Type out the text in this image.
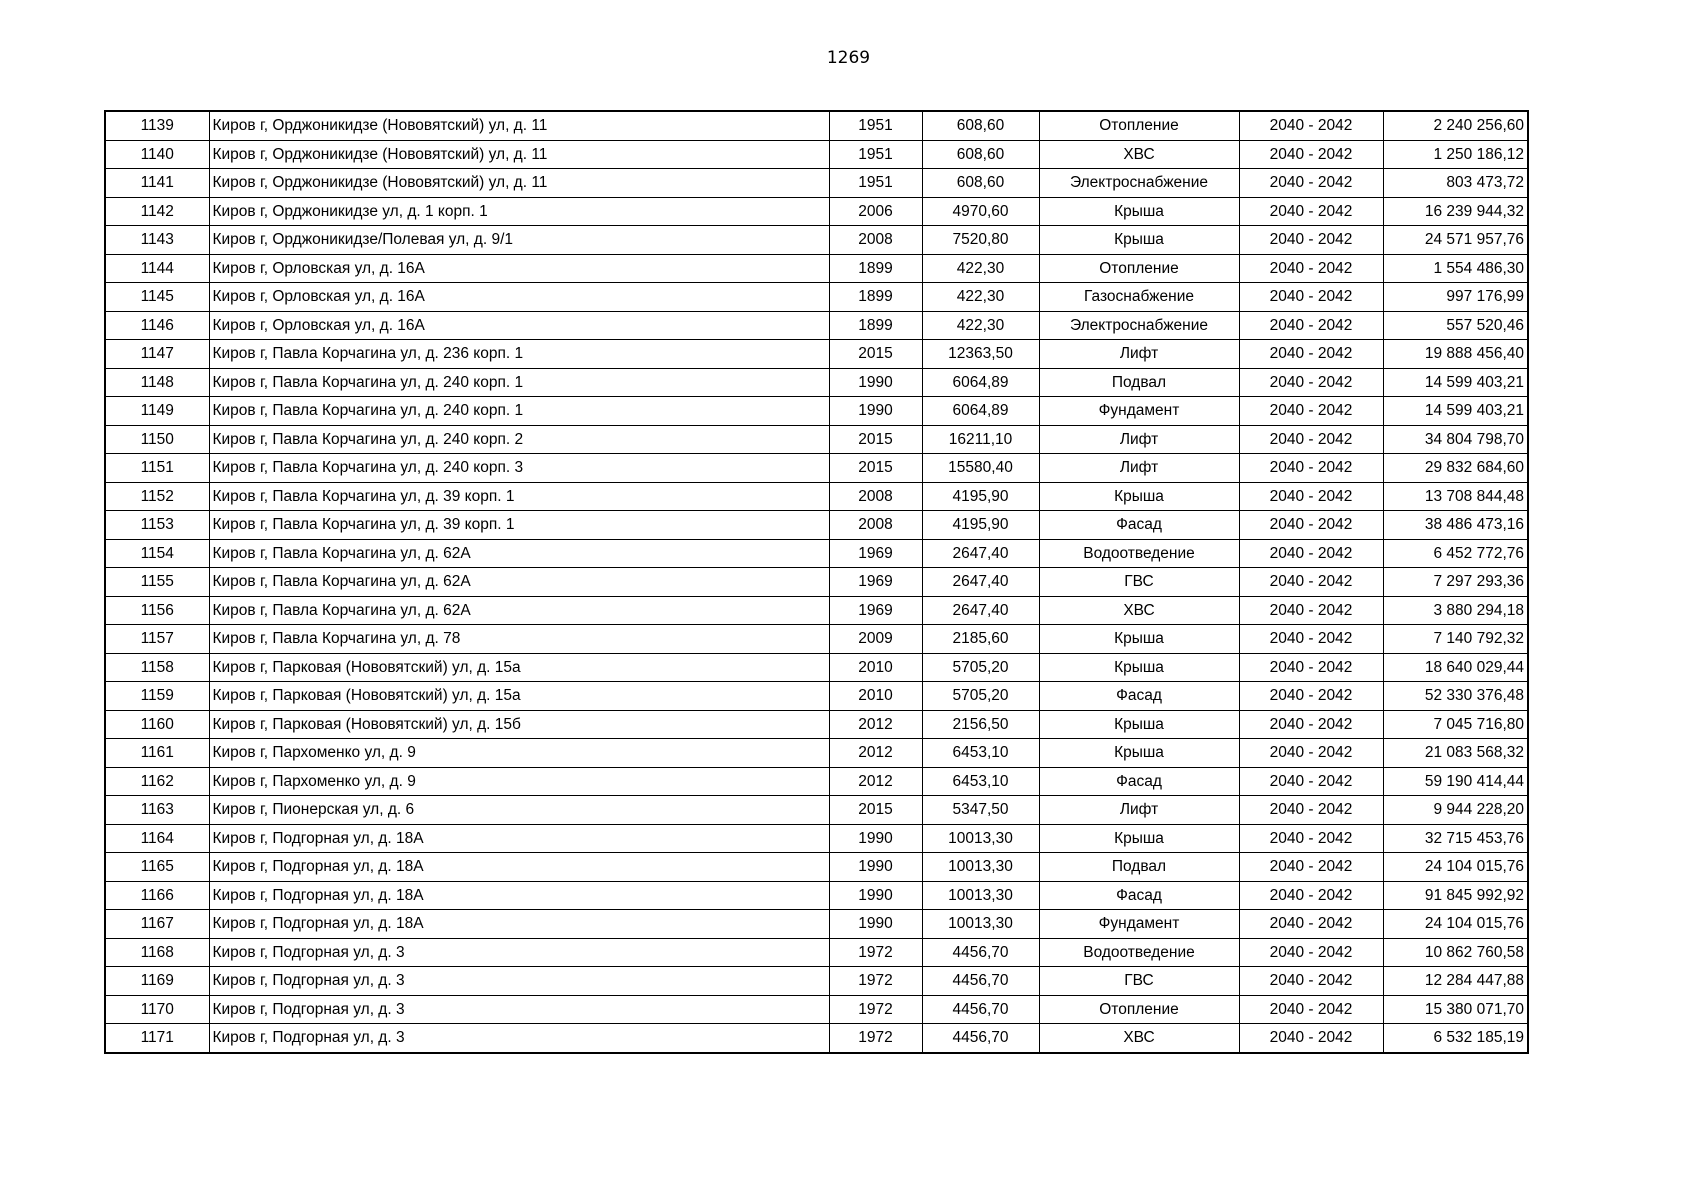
1269
1139	Киров г, Орджоникидзе (Нововятский) ул, д. 11	1951	608,60	Отопление	2040 - 2042	2 240 256,60
1140	Киров г, Орджоникидзе (Нововятский) ул, д. 11	1951	608,60	ХВС	2040 - 2042	1 250 186,12
1141	Киров г, Орджоникидзе (Нововятский) ул, д. 11	1951	608,60	Электроснабжение	2040 - 2042	803 473,72
1142	Киров г, Орджоникидзе ул, д. 1 корп. 1	2006	4970,60	Крыша	2040 - 2042	16 239 944,32
1143	Киров г, Орджоникидзе/Полевая ул, д. 9/1	2008	7520,80	Крыша	2040 - 2042	24 571 957,76
1144	Киров г, Орловская ул, д. 16А	1899	422,30	Отопление	2040 - 2042	1 554 486,30
1145	Киров г, Орловская ул, д. 16А	1899	422,30	Газоснабжение	2040 - 2042	997 176,99
1146	Киров г, Орловская ул, д. 16А	1899	422,30	Электроснабжение	2040 - 2042	557 520,46
1147	Киров г, Павла Корчагина ул, д. 236 корп. 1	2015	12363,50	Лифт	2040 - 2042	19 888 456,40
1148	Киров г, Павла Корчагина ул, д. 240 корп. 1	1990	6064,89	Подвал	2040 - 2042	14 599 403,21
1149	Киров г, Павла Корчагина ул, д. 240 корп. 1	1990	6064,89	Фундамент	2040 - 2042	14 599 403,21
1150	Киров г, Павла Корчагина ул, д. 240 корп. 2	2015	16211,10	Лифт	2040 - 2042	34 804 798,70
1151	Киров г, Павла Корчагина ул, д. 240 корп. 3	2015	15580,40	Лифт	2040 - 2042	29 832 684,60
1152	Киров г, Павла Корчагина ул, д. 39 корп. 1	2008	4195,90	Крыша	2040 - 2042	13 708 844,48
1153	Киров г, Павла Корчагина ул, д. 39 корп. 1	2008	4195,90	Фасад	2040 - 2042	38 486 473,16
1154	Киров г, Павла Корчагина ул, д. 62А	1969	2647,40	Водоотведение	2040 - 2042	6 452 772,76
1155	Киров г, Павла Корчагина ул, д. 62А	1969	2647,40	ГВС	2040 - 2042	7 297 293,36
1156	Киров г, Павла Корчагина ул, д. 62А	1969	2647,40	ХВС	2040 - 2042	3 880 294,18
1157	Киров г, Павла Корчагина ул, д. 78	2009	2185,60	Крыша	2040 - 2042	7 140 792,32
1158	Киров г, Парковая (Нововятский) ул, д. 15а	2010	5705,20	Крыша	2040 - 2042	18 640 029,44
1159	Киров г, Парковая (Нововятский) ул, д. 15а	2010	5705,20	Фасад	2040 - 2042	52 330 376,48
1160	Киров г, Парковая (Нововятский) ул, д. 15б	2012	2156,50	Крыша	2040 - 2042	7 045 716,80
1161	Киров г, Пархоменко ул, д. 9	2012	6453,10	Крыша	2040 - 2042	21 083 568,32
1162	Киров г, Пархоменко ул, д. 9	2012	6453,10	Фасад	2040 - 2042	59 190 414,44
1163	Киров г, Пионерская ул, д. 6	2015	5347,50	Лифт	2040 - 2042	9 944 228,20
1164	Киров г, Подгорная ул, д. 18А	1990	10013,30	Крыша	2040 - 2042	32 715 453,76
1165	Киров г, Подгорная ул, д. 18А	1990	10013,30	Подвал	2040 - 2042	24 104 015,76
1166	Киров г, Подгорная ул, д. 18А	1990	10013,30	Фасад	2040 - 2042	91 845 992,92
1167	Киров г, Подгорная ул, д. 18А	1990	10013,30	Фундамент	2040 - 2042	24 104 015,76
1168	Киров г, Подгорная ул, д. 3	1972	4456,70	Водоотведение	2040 - 2042	10 862 760,58
1169	Киров г, Подгорная ул, д. 3	1972	4456,70	ГВС	2040 - 2042	12 284 447,88
1170	Киров г, Подгорная ул, д. 3	1972	4456,70	Отопление	2040 - 2042	15 380 071,70
1171	Киров г, Подгорная ул, д. 3	1972	4456,70	ХВС	2040 - 2042	6 532 185,19
